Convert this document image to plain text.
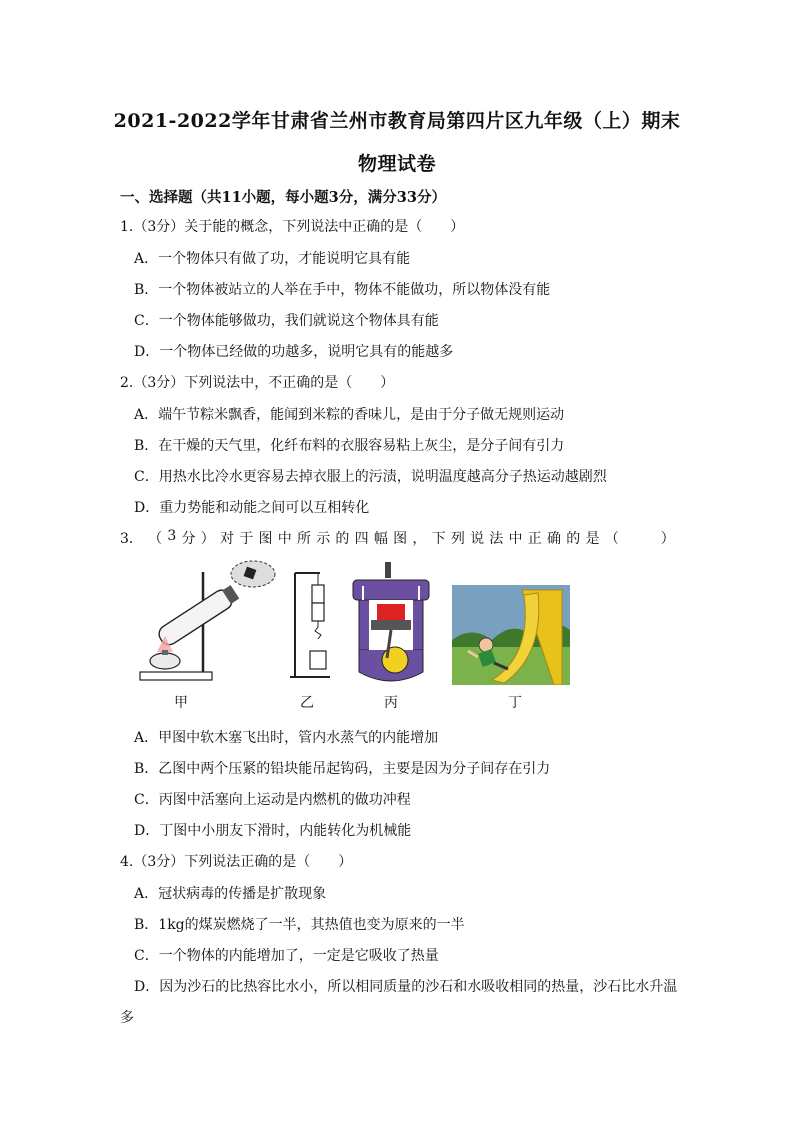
2021-2022学年甘肃省兰州市教育局第四片区九年级（上）期末
物理试卷
一、选择题（共11小题，每小题3分，满分33分）
1.（3分）关于能的概念，下列说法中正确的是（　　）
A．一个物体只有做了功，才能说明它具有能
B．一个物体被站立的人举在手中，物体不能做功，所以物体没有能
C．一个物体能够做功，我们就说这个物体具有能
D．一个物体已经做的功越多，说明它具有的能越多
2.（3分）下列说法中，不正确的是（　　）
A．端午节粽米飘香，能闻到米粽的香味儿，是由于分子做无规则运动
B．在干燥的天气里，化纤布料的衣服容易粘上灰尘，是分子间有引力
C．用热水比冷水更容易去掉衣服上的污渍，说明温度越高分子热运动越剧烈
D．重力势能和动能之间可以互相转化
3． （ 3 分 ） 对 于 图 中 所 示 的 四 幅 图 ， 下 列 说 法 中 正 确 的 是 （　　　）
甲	乙	丙	丁
A．甲图中软木塞飞出时，管内水蒸气的内能增加
B．乙图中两个压紧的铅块能吊起钩码，主要是因为分子间存在引力
C．丙图中活塞向上运动是内燃机的做功冲程
D．丁图中小朋友下滑时，内能转化为机械能
4.（3分）下列说法正确的是（　　）
A．冠状病毒的传播是扩散现象
B．1kg的煤炭燃烧了一半，其热值也变为原来的一半
C．一个物体的内能增加了，一定是它吸收了热量
D．因为沙石的比热容比水小，所以相同质量的沙石和水吸收相同的热量，沙石比水升温
多
